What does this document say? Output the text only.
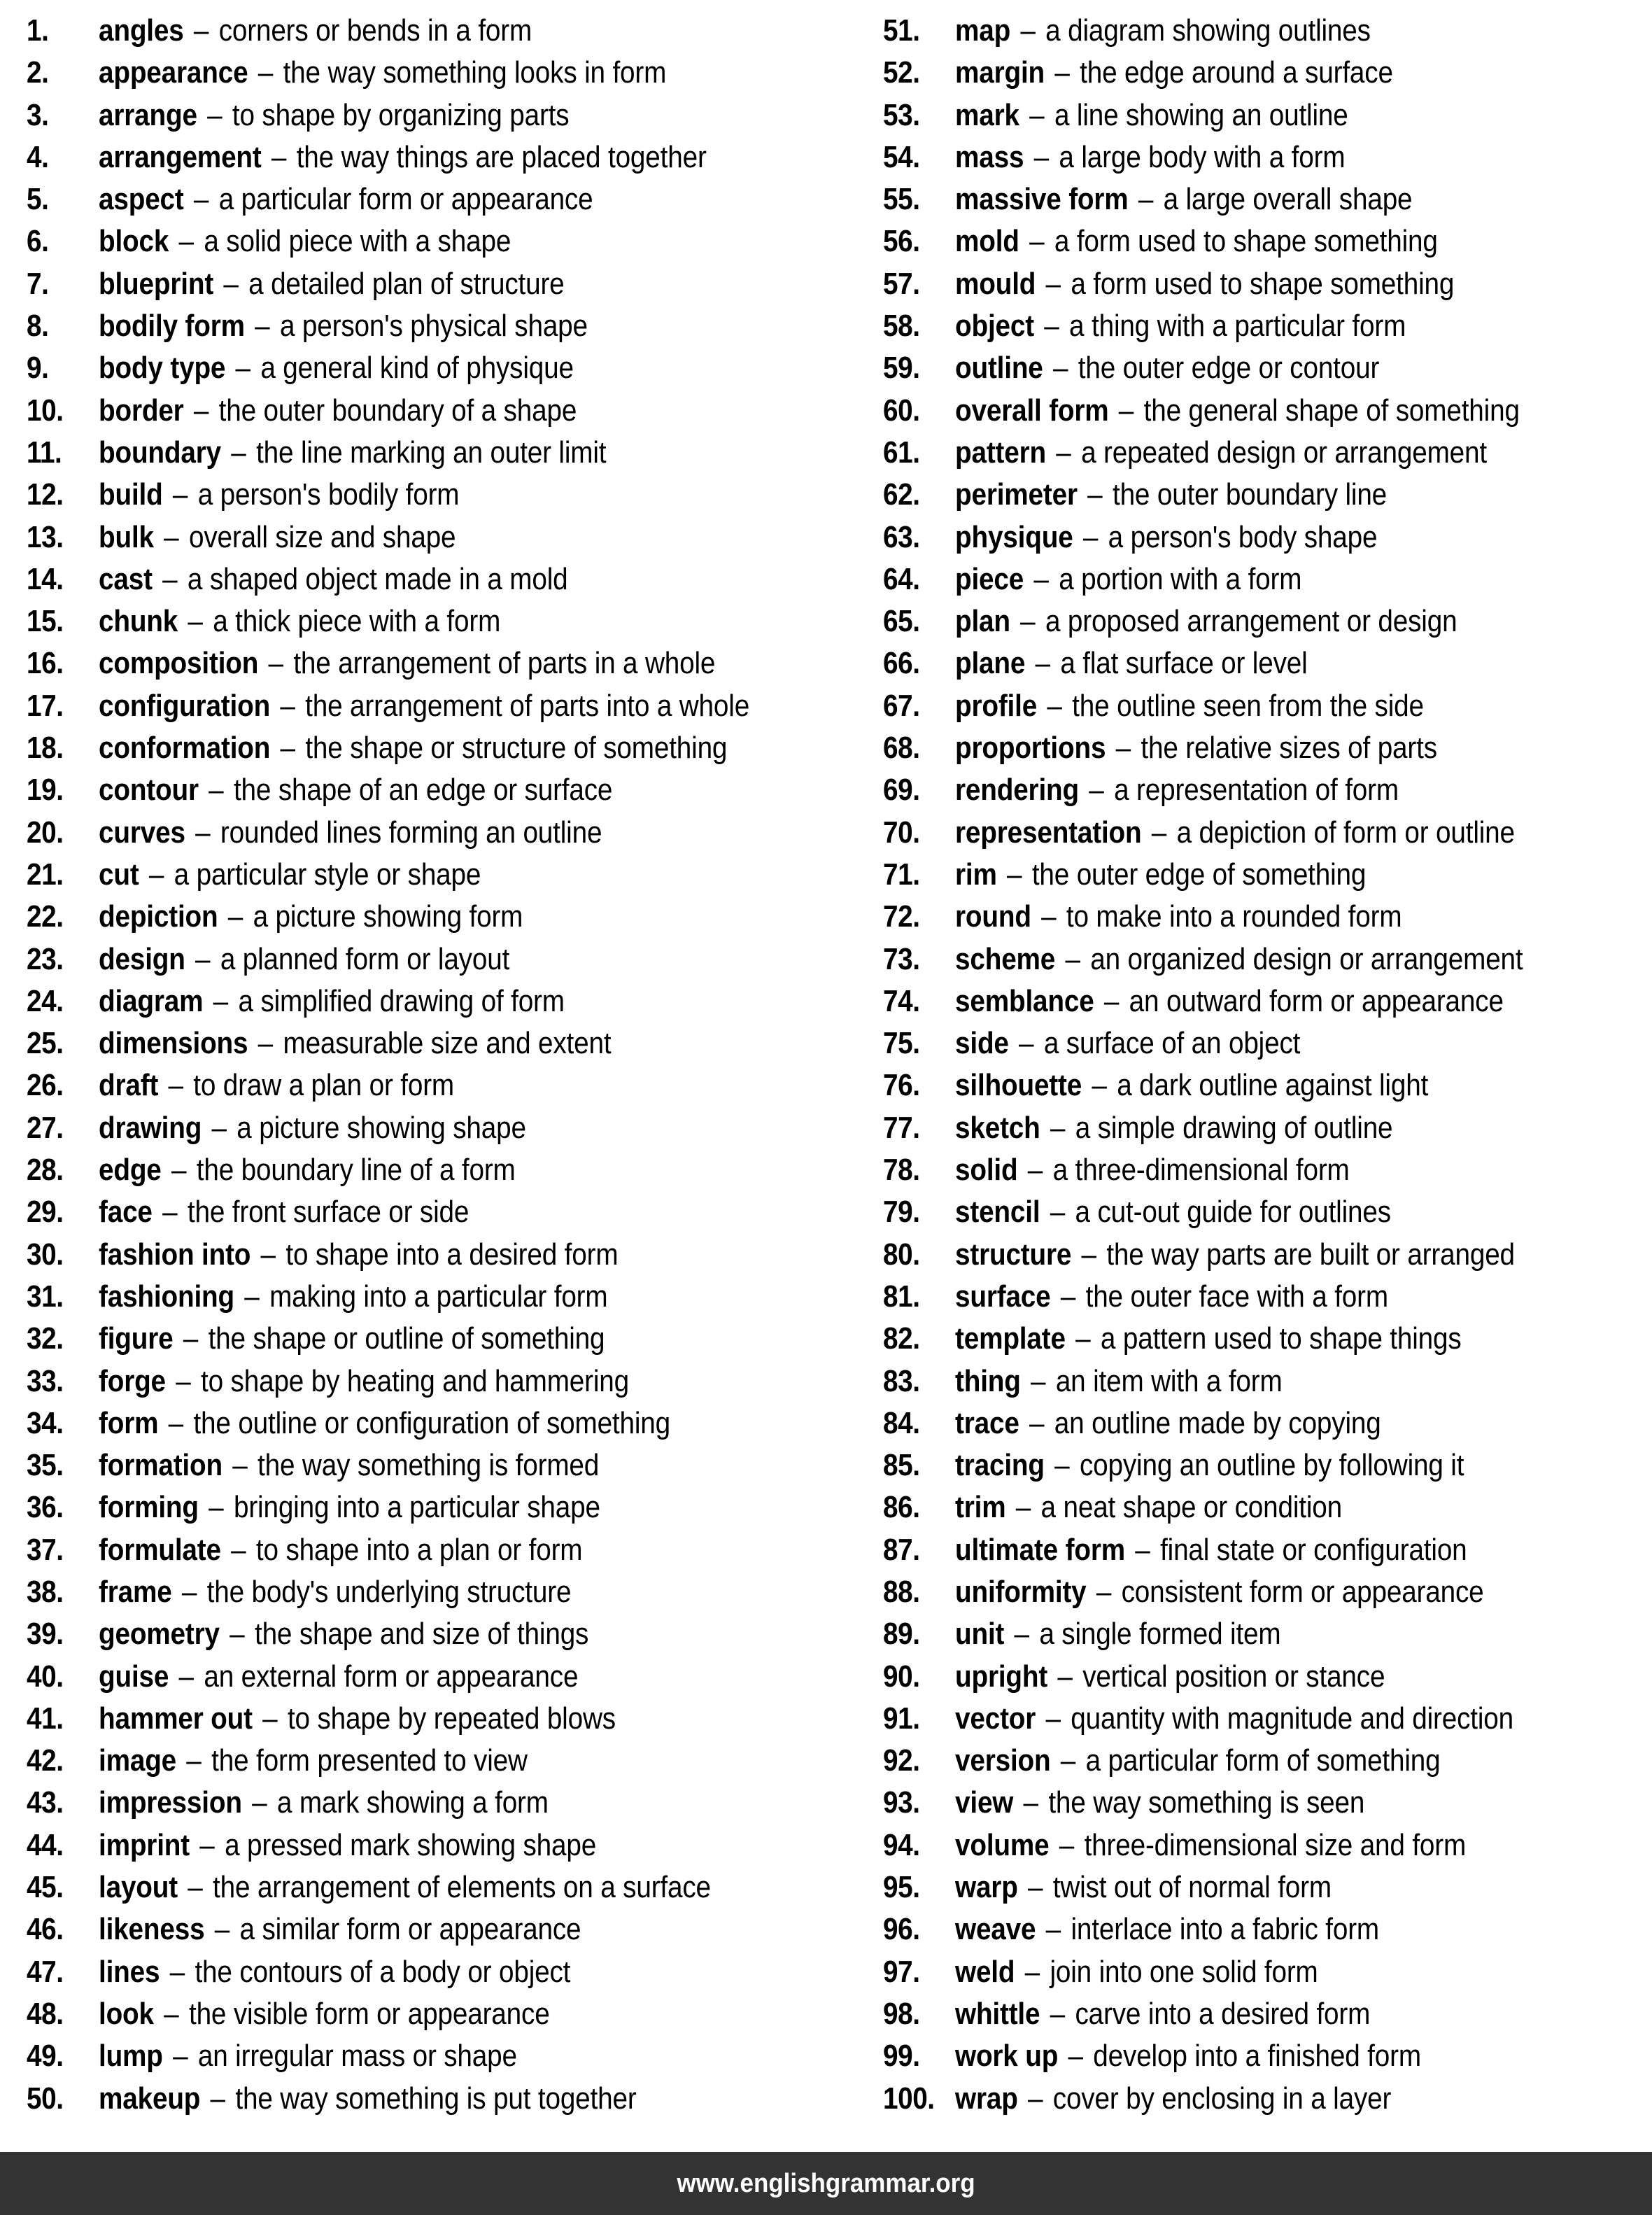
1.	angles – corners or bends in a form
2.	appearance – the way something looks in form
3.	arrange – to shape by organizing parts
4.	arrangement – the way things are placed together
5.	aspect – a particular form or appearance
6.	block – a solid piece with a shape
7.	blueprint – a detailed plan of structure
8.	bodily form – a person's physical shape
9.	body type – a general kind of physique
10.	border – the outer boundary of a shape
11.	boundary – the line marking an outer limit
12.	build – a person's bodily form
13.	bulk – overall size and shape
14.	cast – a shaped object made in a mold
15.	chunk – a thick piece with a form
16.	composition – the arrangement of parts in a whole
17.	configuration – the arrangement of parts into a whole
18.	conformation – the shape or structure of something
19.	contour – the shape of an edge or surface
20.	curves – rounded lines forming an outline
21.	cut – a particular style or shape
22.	depiction – a picture showing form
23.	design – a planned form or layout
24.	diagram – a simplified drawing of form
25.	dimensions – measurable size and extent
26.	draft – to draw a plan or form
27.	drawing – a picture showing shape
28.	edge – the boundary line of a form
29.	face – the front surface or side
30.	fashion into – to shape into a desired form
31.	fashioning – making into a particular form
32.	figure – the shape or outline of something
33.	forge – to shape by heating and hammering
34.	form – the outline or configuration of something
35.	formation – the way something is formed
36.	forming – bringing into a particular shape
37.	formulate – to shape into a plan or form
38.	frame – the body's underlying structure
39.	geometry – the shape and size of things
40.	guise – an external form or appearance
41.	hammer out – to shape by repeated blows
42.	image – the form presented to view
43.	impression – a mark showing a form
44.	imprint – a pressed mark showing shape
45.	layout – the arrangement of elements on a surface
46.	likeness – a similar form or appearance
47.	lines – the contours of a body or object
48.	look – the visible form or appearance
49.	lump – an irregular mass or shape
50.	makeup – the way something is put together
51.	map – a diagram showing outlines
52.	margin – the edge around a surface
53.	mark – a line showing an outline
54.	mass – a large body with a form
55.	massive form – a large overall shape
56.	mold – a form used to shape something
57.	mould – a form used to shape something
58.	object – a thing with a particular form
59.	outline – the outer edge or contour
60.	overall form – the general shape of something
61.	pattern – a repeated design or arrangement
62.	perimeter – the outer boundary line
63.	physique – a person's body shape
64.	piece – a portion with a form
65.	plan – a proposed arrangement or design
66.	plane – a flat surface or level
67.	profile – the outline seen from the side
68.	proportions – the relative sizes of parts
69.	rendering – a representation of form
70.	representation – a depiction of form or outline
71.	rim – the outer edge of something
72.	round – to make into a rounded form
73.	scheme – an organized design or arrangement
74.	semblance – an outward form or appearance
75.	side – a surface of an object
76.	silhouette – a dark outline against light
77.	sketch – a simple drawing of outline
78.	solid – a three-dimensional form
79.	stencil – a cut-out guide for outlines
80.	structure – the way parts are built or arranged
81.	surface – the outer face with a form
82.	template – a pattern used to shape things
83.	thing – an item with a form
84.	trace – an outline made by copying
85.	tracing – copying an outline by following it
86.	trim – a neat shape or condition
87.	ultimate form – final state or configuration
88.	uniformity – consistent form or appearance
89.	unit – a single formed item
90.	upright – vertical position or stance
91.	vector – quantity with magnitude and direction
92.	version – a particular form of something
93.	view – the way something is seen
94.	volume – three-dimensional size and form
95.	warp – twist out of normal form
96.	weave – interlace into a fabric form
97.	weld – join into one solid form
98.	whittle – carve into a desired form
99.	work up – develop into a finished form
100. wrap – cover by enclosing in a layer
www.englishgrammar.org
